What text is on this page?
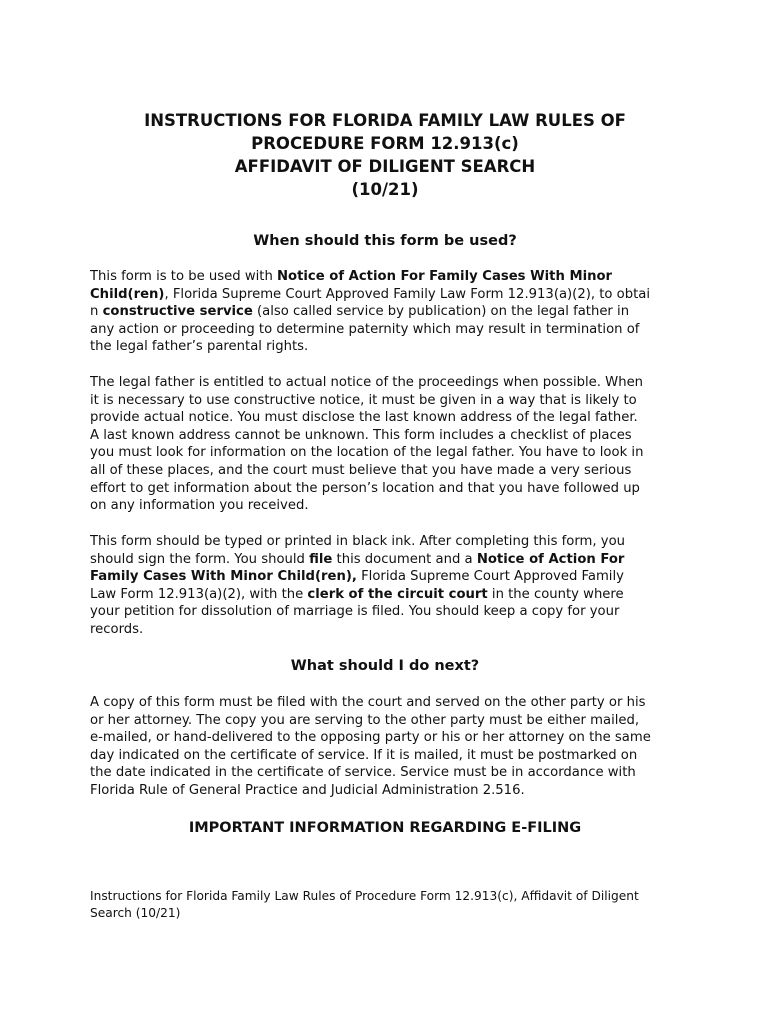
INSTRUCTIONS FOR FLORIDA FAMILY LAW RULES OF
PROCEDURE FORM 12.913(c)
AFFIDAVIT OF DILIGENT SEARCH
(10/21)
When should this form be used?

This form is to be used with Notice of Action For Family Cases With Minor
Child(ren), Florida Supreme Court Approved Family Law Form 12.913(a)(2), to obtai
n constructive service (also called service by publication) on the legal father in
any action or proceeding to determine paternity which may result in termination of
the legal father’s parental rights.

The legal father is entitled to actual notice of the proceedings when possible. When
it is necessary to use constructive notice, it must be given in a way that is likely to
provide actual notice. You must disclose the last known address of the legal father.
A last known address cannot be unknown. This form includes a checklist of places
you must look for information on the location of the legal father. You have to look in
all of these places, and the court must believe that you have made a very serious
effort to get information about the person’s location and that you have followed up
on any information you received.

This form should be typed or printed in black ink. After completing this form, you
should sign the form. You should file this document and a Notice of Action For
Family Cases With Minor Child(ren), Florida Supreme Court Approved Family
Law Form 12.913(a)(2), with the clerk of the circuit court in the county where
your petition for dissolution of marriage is filed. You should keep a copy for your
records.

What should I do next?

A copy of this form must be filed with the court and served on the other party or his
or her attorney. The copy you are serving to the other party must be either mailed,
e-mailed, or hand-delivered to the opposing party or his or her attorney on the same
day indicated on the certificate of service. If it is mailed, it must be postmarked on
the date indicated in the certificate of service. Service must be in accordance with
Florida Rule of General Practice and Judicial Administration 2.516.

IMPORTANT INFORMATION REGARDING E-FILING

Instructions for Florida Family Law Rules of Procedure Form 12.913(c), Affidavit of Diligent
Search (10/21)
